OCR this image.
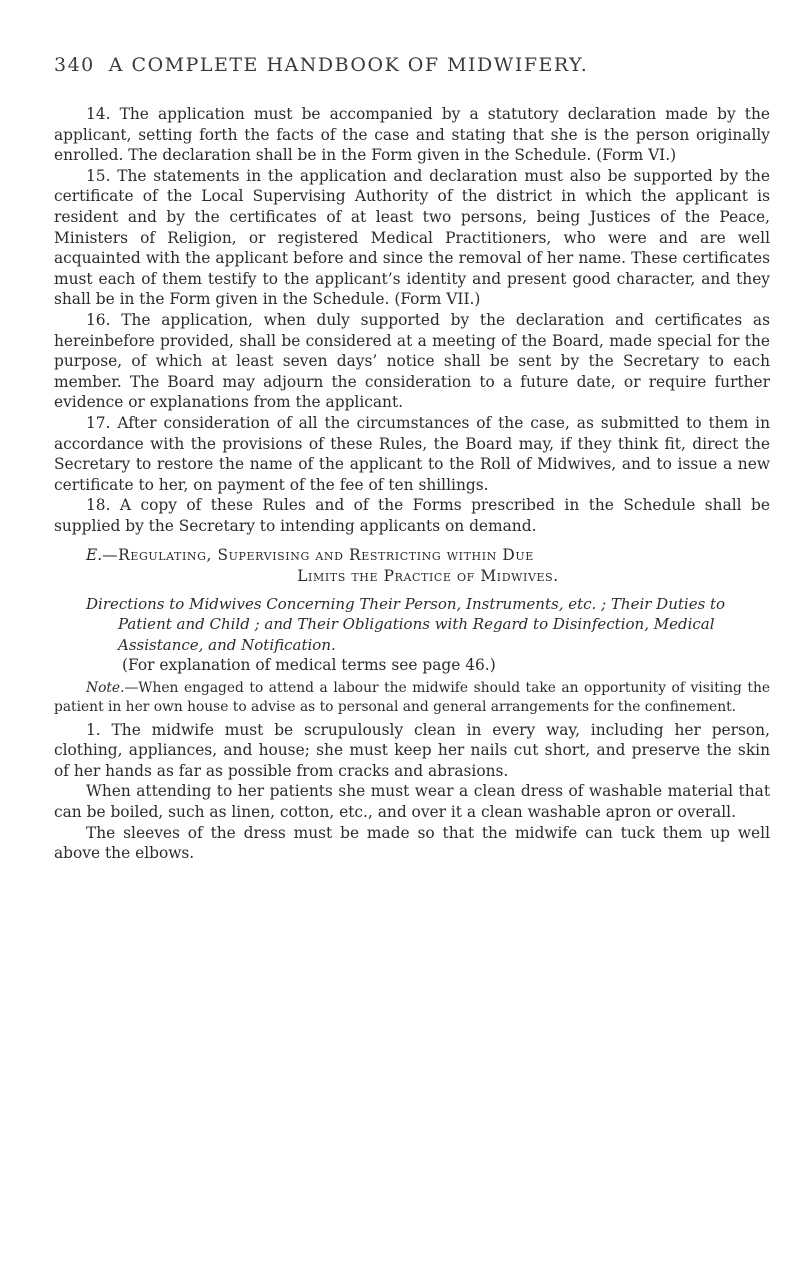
340 A COMPLETE HANDBOOK OF MIDWIFERY.

14. The application must be accompanied by a statutory declaration made by the applicant, setting forth the facts of the case and stating that she is the person originally enrolled. The declaration shall be in the Form given in the Schedule. (Form VI.)

15. The statements in the application and declaration must also be supported by the certificate of the Local Supervising Authority of the district in which the applicant is resident and by the certificates of at least two persons, being Justices of the Peace, Ministers of Religion, or registered Medical Practitioners, who were and are well acquainted with the applicant before and since the removal of her name. These certificates must each of them testify to the applicant’s identity and present good character, and they shall be in the Form given in the Schedule. (Form VII.)

16. The application, when duly supported by the declaration and certificates as hereinbefore provided, shall be considered at a meeting of the Board, made special for the purpose, of which at least seven days’ notice shall be sent by the Secretary to each member. The Board may adjourn the consideration to a future date, or require further evidence or explanations from the applicant.

17. After consideration of all the circumstances of the case, as submitted to them in accordance with the provisions of these Rules, the Board may, if they think fit, direct the Secretary to restore the name of the applicant to the Roll of Midwives, and to issue a new certificate to her, on payment of the fee of ten shillings.

18. A copy of these Rules and of the Forms prescribed in the Schedule shall be supplied by the Secretary to intending applicants on demand.

E.—Regulating, Supervising and Restricting within Due
Limits the Practice of Midwives.

Directions to Midwives Concerning Their Person, Instruments, etc. ; Their Duties to Patient and Child ; and Their Obligations with Regard to Disinfection, Medical Assistance, and Notification.

(For explanation of medical terms see page 46.)

Note.—When engaged to attend a labour the midwife should take an opportunity of visiting the patient in her own house to advise as to personal and general arrangements for the confinement.

1. The midwife must be scrupulously clean in every way, including her person, clothing, appliances, and house; she must keep her nails cut short, and preserve the skin of her hands as far as possible from cracks and abrasions.

When attending to her patients she must wear a clean dress of washable material that can be boiled, such as linen, cotton, etc., and over it a clean washable apron or overall.

The sleeves of the dress must be made so that the midwife can tuck them up well above the elbows.
